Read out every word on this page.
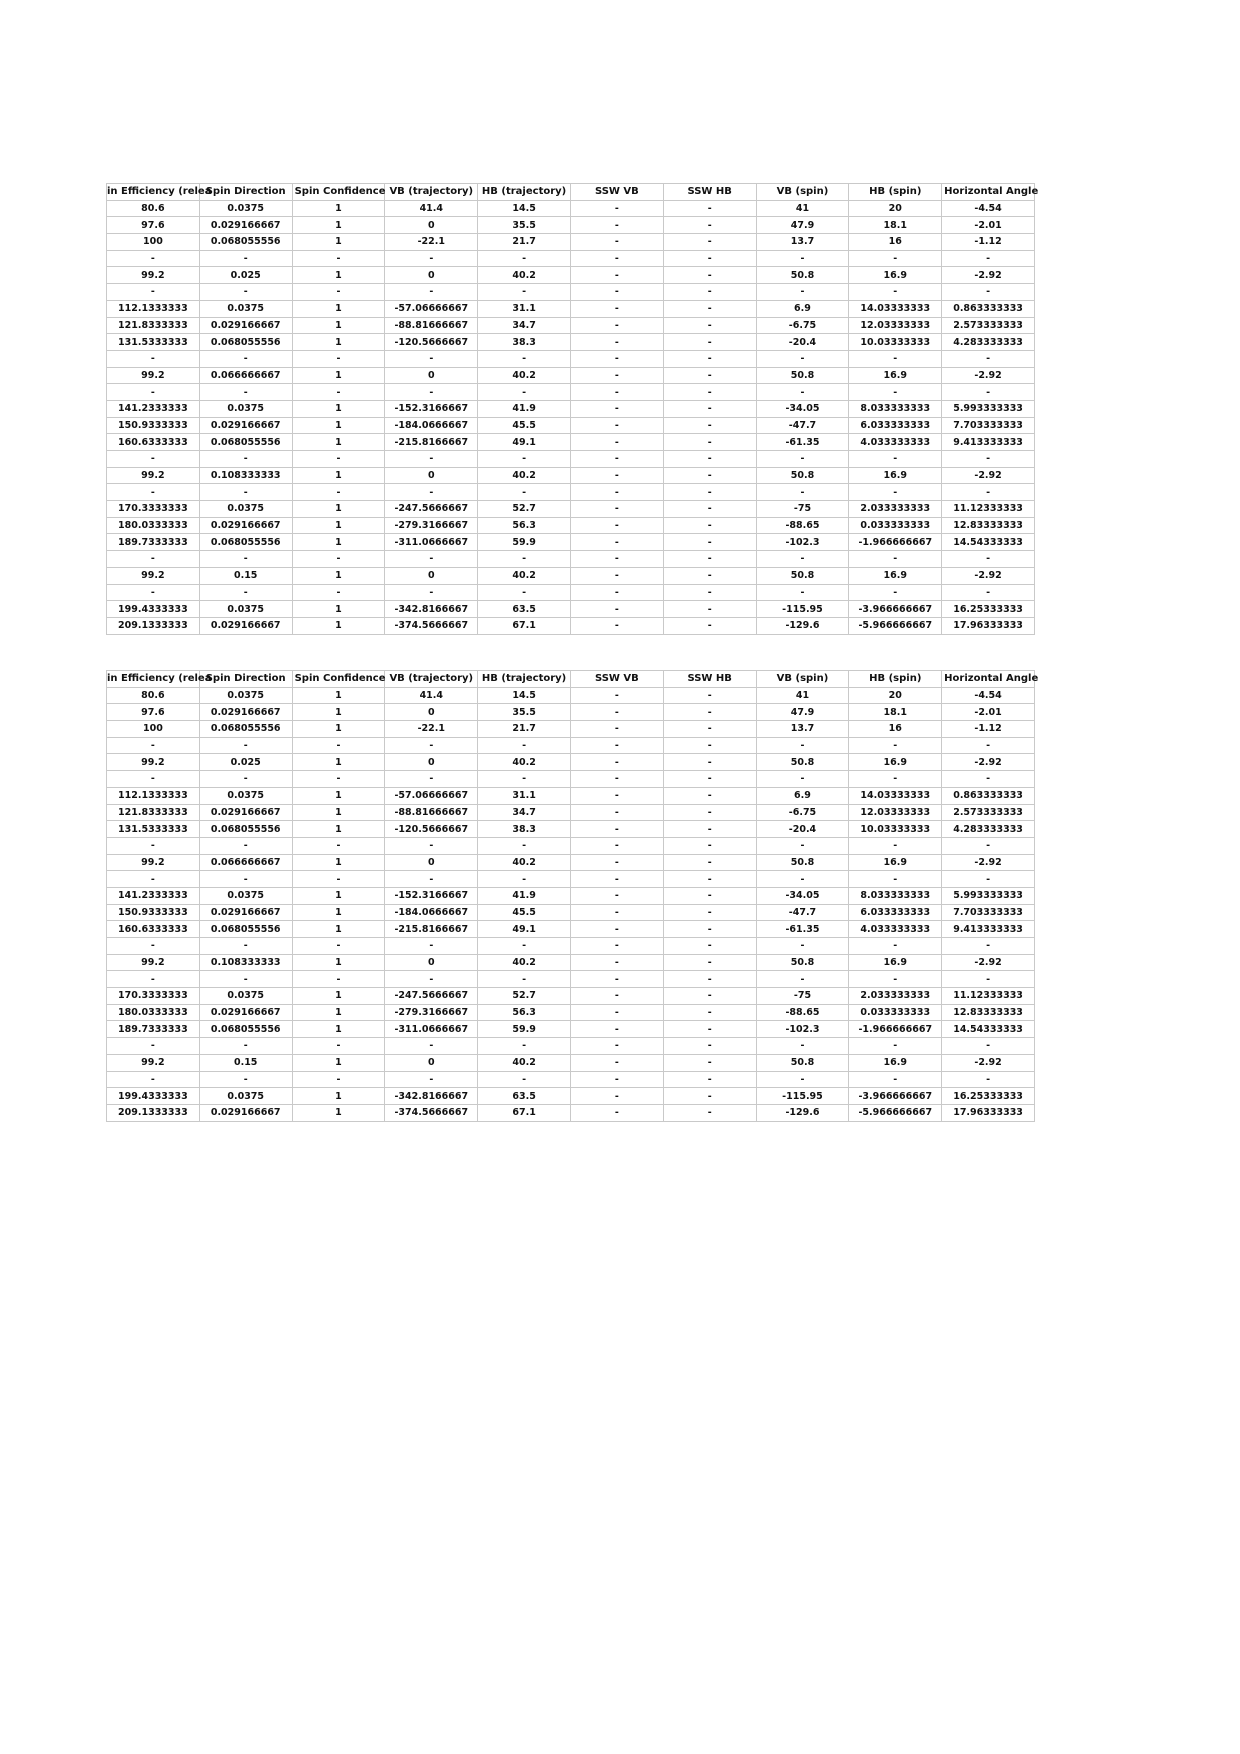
in Efficiency (relea	Spin Direction	Spin Confidence	VB (trajectory)	HB (trajectory)	SSW VB	SSW HB	VB (spin)	HB (spin)	Horizontal Angle
80.6	0.0375	1	41.4	14.5	-	-	41	20	-4.54
97.6	0.029166667	1	0	35.5	-	-	47.9	18.1	-2.01
100	0.068055556	1	-22.1	21.7	-	-	13.7	16	-1.12
-	-	-	-	-	-	-	-	-	-
99.2	0.025	1	0	40.2	-	-	50.8	16.9	-2.92
-	-	-	-	-	-	-	-	-	-
112.1333333	0.0375	1	-57.06666667	31.1	-	-	6.9	14.03333333	0.863333333
121.8333333	0.029166667	1	-88.81666667	34.7	-	-	-6.75	12.03333333	2.573333333
131.5333333	0.068055556	1	-120.5666667	38.3	-	-	-20.4	10.03333333	4.283333333
-	-	-	-	-	-	-	-	-	-
99.2	0.066666667	1	0	40.2	-	-	50.8	16.9	-2.92
-	-	-	-	-	-	-	-	-	-
141.2333333	0.0375	1	-152.3166667	41.9	-	-	-34.05	8.033333333	5.993333333
150.9333333	0.029166667	1	-184.0666667	45.5	-	-	-47.7	6.033333333	7.703333333
160.6333333	0.068055556	1	-215.8166667	49.1	-	-	-61.35	4.033333333	9.413333333
-	-	-	-	-	-	-	-	-	-
99.2	0.108333333	1	0	40.2	-	-	50.8	16.9	-2.92
-	-	-	-	-	-	-	-	-	-
170.3333333	0.0375	1	-247.5666667	52.7	-	-	-75	2.033333333	11.12333333
180.0333333	0.029166667	1	-279.3166667	56.3	-	-	-88.65	0.033333333	12.83333333
189.7333333	0.068055556	1	-311.0666667	59.9	-	-	-102.3	-1.966666667	14.54333333
-	-	-	-	-	-	-	-	-	-
99.2	0.15	1	0	40.2	-	-	50.8	16.9	-2.92
-	-	-	-	-	-	-	-	-	-
199.4333333	0.0375	1	-342.8166667	63.5	-	-	-115.95	-3.966666667	16.25333333
209.1333333	0.029166667	1	-374.5666667	67.1	-	-	-129.6	-5.966666667	17.96333333
in Efficiency (relea	Spin Direction	Spin Confidence	VB (trajectory)	HB (trajectory)	SSW VB	SSW HB	VB (spin)	HB (spin)	Horizontal Angle
80.6	0.0375	1	41.4	14.5	-	-	41	20	-4.54
97.6	0.029166667	1	0	35.5	-	-	47.9	18.1	-2.01
100	0.068055556	1	-22.1	21.7	-	-	13.7	16	-1.12
-	-	-	-	-	-	-	-	-	-
99.2	0.025	1	0	40.2	-	-	50.8	16.9	-2.92
-	-	-	-	-	-	-	-	-	-
112.1333333	0.0375	1	-57.06666667	31.1	-	-	6.9	14.03333333	0.863333333
121.8333333	0.029166667	1	-88.81666667	34.7	-	-	-6.75	12.03333333	2.573333333
131.5333333	0.068055556	1	-120.5666667	38.3	-	-	-20.4	10.03333333	4.283333333
-	-	-	-	-	-	-	-	-	-
99.2	0.066666667	1	0	40.2	-	-	50.8	16.9	-2.92
-	-	-	-	-	-	-	-	-	-
141.2333333	0.0375	1	-152.3166667	41.9	-	-	-34.05	8.033333333	5.993333333
150.9333333	0.029166667	1	-184.0666667	45.5	-	-	-47.7	6.033333333	7.703333333
160.6333333	0.068055556	1	-215.8166667	49.1	-	-	-61.35	4.033333333	9.413333333
-	-	-	-	-	-	-	-	-	-
99.2	0.108333333	1	0	40.2	-	-	50.8	16.9	-2.92
-	-	-	-	-	-	-	-	-	-
170.3333333	0.0375	1	-247.5666667	52.7	-	-	-75	2.033333333	11.12333333
180.0333333	0.029166667	1	-279.3166667	56.3	-	-	-88.65	0.033333333	12.83333333
189.7333333	0.068055556	1	-311.0666667	59.9	-	-	-102.3	-1.966666667	14.54333333
-	-	-	-	-	-	-	-	-	-
99.2	0.15	1	0	40.2	-	-	50.8	16.9	-2.92
-	-	-	-	-	-	-	-	-	-
199.4333333	0.0375	1	-342.8166667	63.5	-	-	-115.95	-3.966666667	16.25333333
209.1333333	0.029166667	1	-374.5666667	67.1	-	-	-129.6	-5.966666667	17.96333333
